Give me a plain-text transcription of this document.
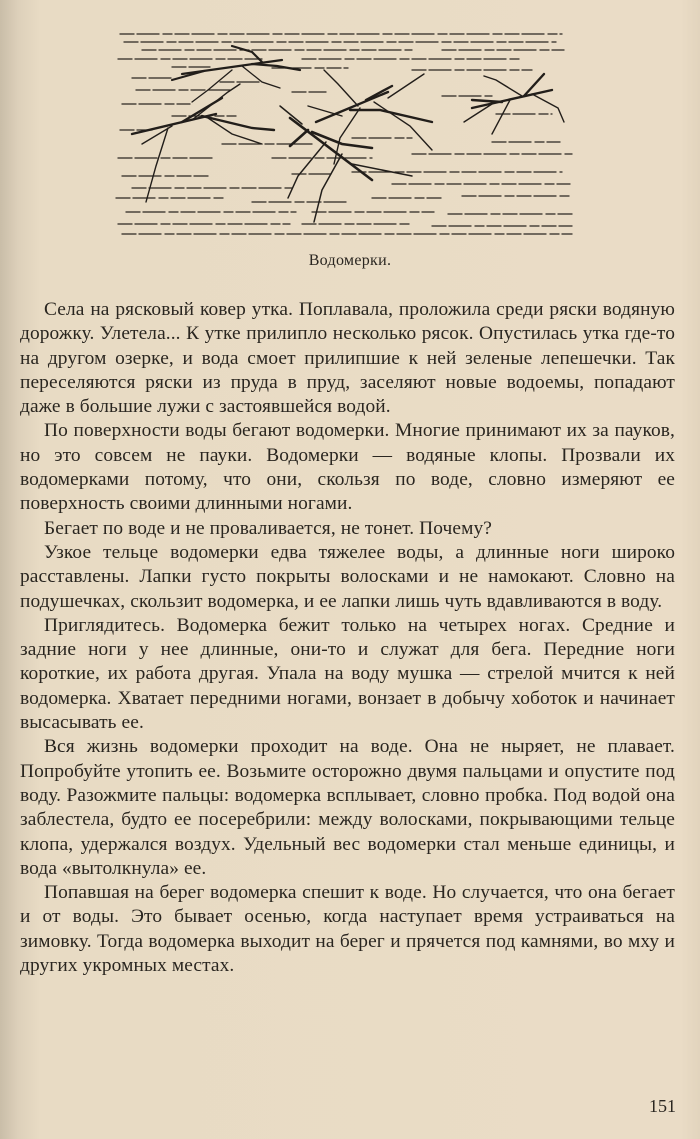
Водомерки.

Села на рясковый ковер утка. Поплавала, проложила среди ряски водяную дорожку. Улетела... К утке прилипло несколько рясок. Опустилась утка где-то на другом озерке, и вода смоет прилипшие к ней зеленые лепешечки. Так переселяются ряски из пруда в пруд, заселяют новые водоемы, попадают даже в большие лужи с застоявшейся водой.

По поверхности воды бегают водомерки. Многие принимают их за пауков, но это совсем не пауки. Водомерки — водяные клопы. Прозвали их водомерками потому, что они, скользя по воде, словно измеряют ее поверхность своими длинными ногами.

Бегает по воде и не проваливается, не тонет. Почему?

Узкое тельце водомерки едва тяжелее воды, а длинные ноги широко расставлены. Лапки густо покрыты волосками и не намокают. Словно на подушечках, скользит водомерка, и ее лапки лишь чуть вдавливаются в воду.

Приглядитесь. Водомерка бежит только на четырех ногах. Средние и задние ноги у нее длинные, они-то и служат для бега. Передние ноги короткие, их работа другая. Упала на воду мушка — стрелой мчится к ней водомерка. Хватает передними ногами, вонзает в добычу хоботок и начинает высасывать ее.

Вся жизнь водомерки проходит на воде. Она не ныряет, не плавает. Попробуйте утопить ее. Возьмите осторожно двумя пальцами и опустите под воду. Разожмите пальцы: водомерка всплывает, словно пробка. Под водой она заблестела, будто ее посеребрили: между волосками, покрывающими тельце клопа, удержался воздух. Удельный вес водомерки стал меньше единицы, и вода «вытолкнула» ее.

Попавшая на берег водомерка спешит к воде. Но случается, что она бегает и от воды. Это бывает осенью, когда наступает время устраиваться на зимовку. Тогда водомерка выходит на берег и прячется под камнями, во мху и других укромных местах.

151
